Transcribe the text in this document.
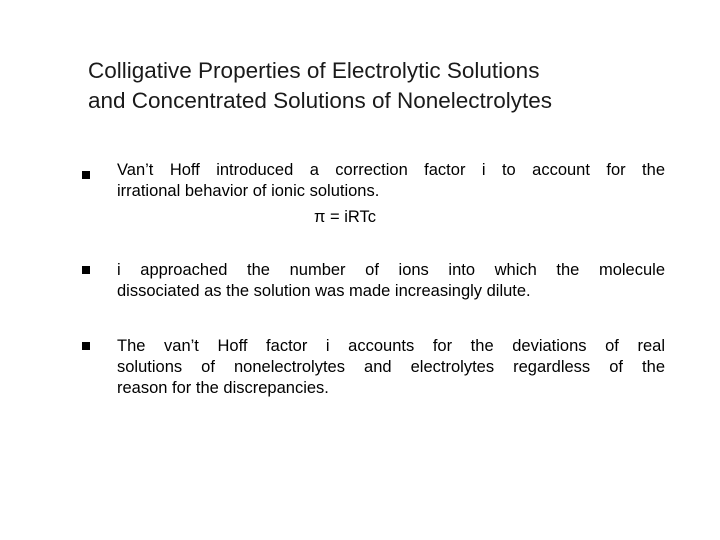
Colligative Properties of Electrolytic Solutions
and Concentrated Solutions of Nonelectrolytes
Van’t Hoff introduced a correction factor i to account for the
irrational behavior of ionic solutions.
π = iRTc
i approached the number of ions into which the molecule
dissociated as the solution was made increasingly dilute.
The van’t Hoff factor i accounts for the deviations of real
solutions of nonelectrolytes and electrolytes regardless of the
reason for the discrepancies.
